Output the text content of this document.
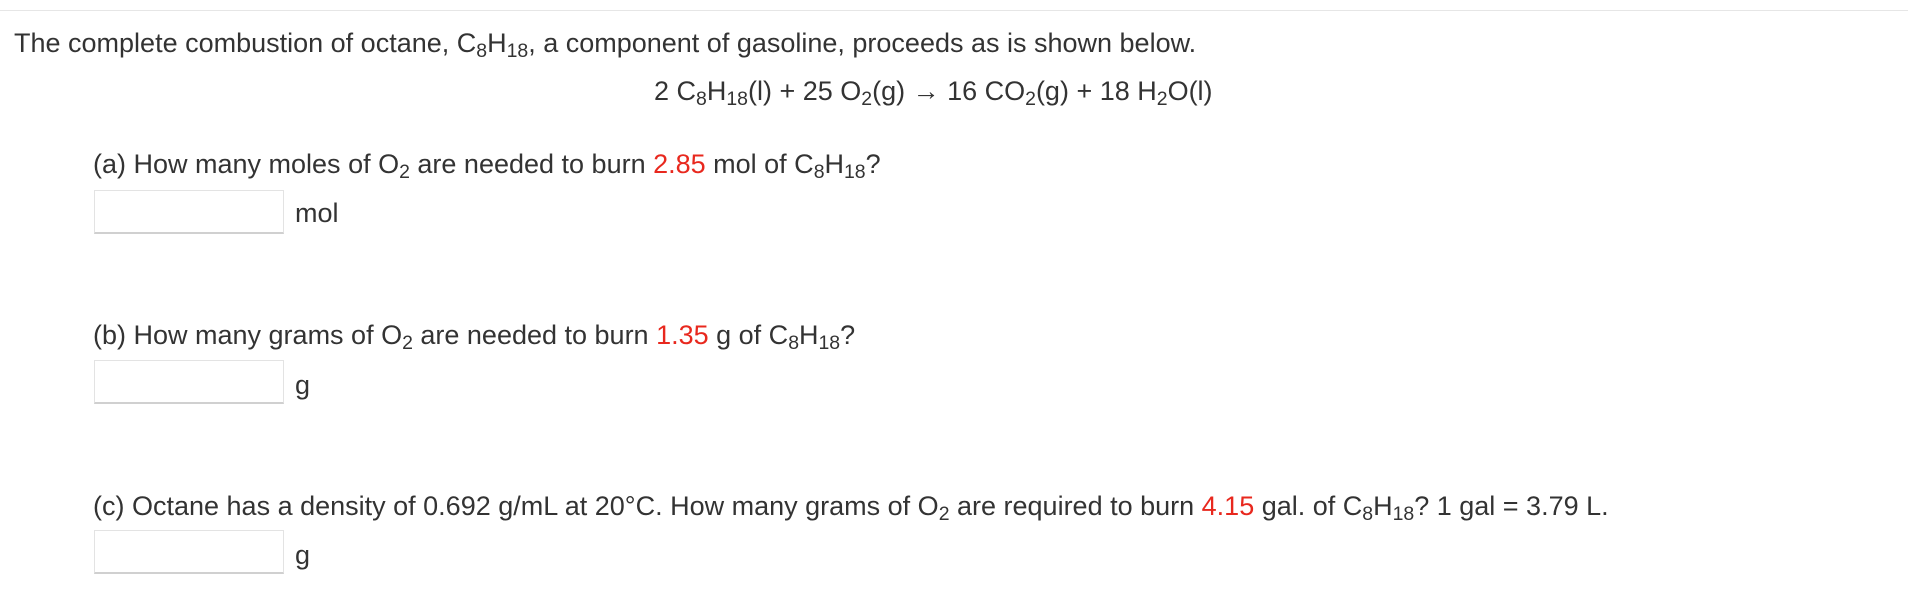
The complete combustion of octane, $C_8H_{18}$, a component of gasoline, proceeds as is shown below.
2 $C_8H_{18}(l) + 25$ $O_2(g) \to 16$ $CO_2(g) + 18$ $H_2O(l)$
(a) How many moles of $O_2$ are needed to burn 2.85 mol of $C_8H_{18}$?
mol
(b) How many grams of $O_2$ are needed to burn 1.35 g of $C_8H_{18}$?
g
(c) Octane has a density of 0.692 g/mL at 20°C. How many grams of $O_2$ are required to burn 4.15 gal. of $C_8H_{18}$? 1 gal = 3.79 L.
g
